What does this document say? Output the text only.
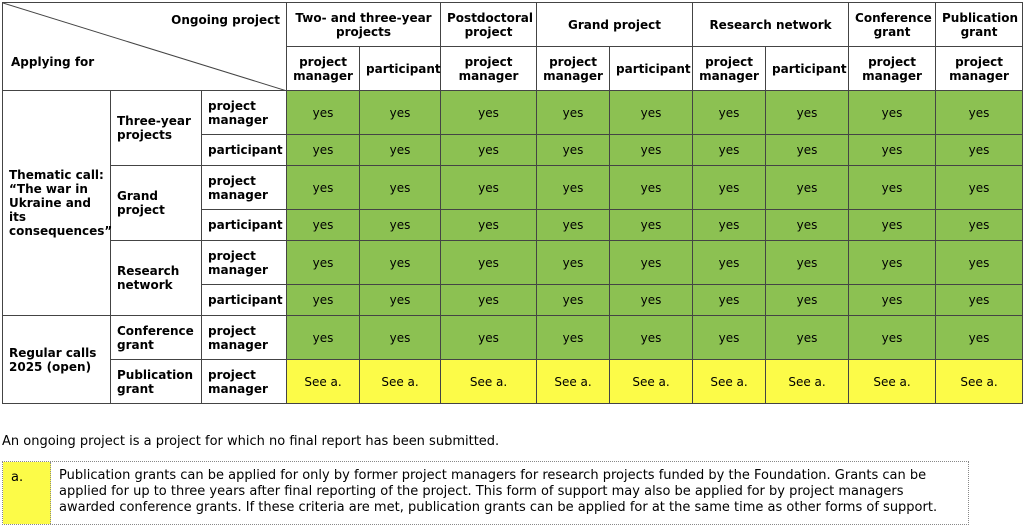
Ongoing project
Applying for			Two- and three-year projects		Postdoctoral project	Grand project		Research network		Conference grant	Publication grant
			project manager	participant	project manager	project manager	participant	project manager	participant	project manager	project manager
Thematic call: “The war in Ukraine and its consequences”	Three-year projects	project manager	yes	yes	yes	yes	yes	yes	yes	yes	yes
		participant	yes	yes	yes	yes	yes	yes	yes	yes	yes
	Grand project	project manager	yes	yes	yes	yes	yes	yes	yes	yes	yes
		participant	yes	yes	yes	yes	yes	yes	yes	yes	yes
	Research network	project manager	yes	yes	yes	yes	yes	yes	yes	yes	yes
		participant	yes	yes	yes	yes	yes	yes	yes	yes	yes
Regular calls 2025 (open)	Conference grant	project manager	yes	yes	yes	yes	yes	yes	yes	yes	yes
	Publication grant	project manager	See a.	See a.	See a.	See a.	See a.	See a.	See a.	See a.	See a.
An ongoing project is a project for which no final report has been submitted.
a.	Publication grants can be applied for only by former project managers for research projects funded by the Foundation. Grants can be applied for up to three years after final reporting of the project. This form of support may also be applied for by project managers awarded conference grants. If these criteria are met, publication grants can be applied for at the same time as other forms of support.
